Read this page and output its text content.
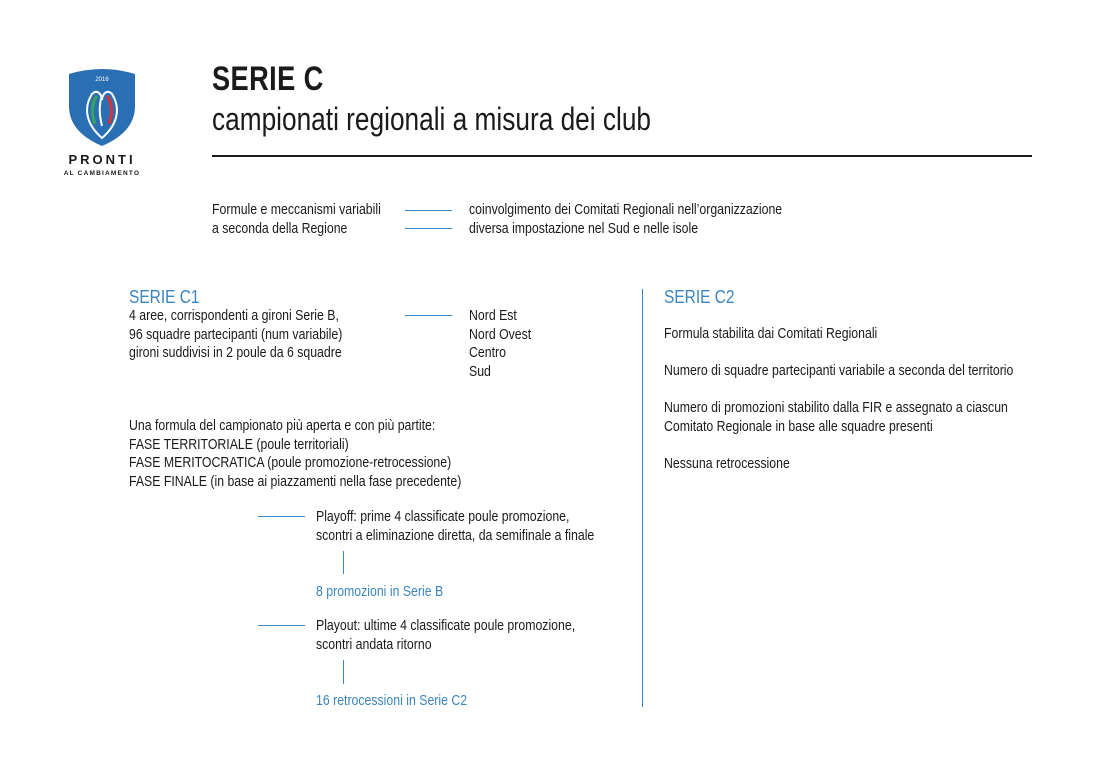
2016
PRONTI
AL CAMBIAMENTO
SERIE C
campionati regionali a misura dei club
Formule e meccanismi variabili
a seconda della Regione
coinvolgimento dei Comitati Regionali nell’organizzazione
diversa impostazione nel Sud e nelle isole
SERIE C1
4 aree, corrispondenti a gironi Serie B,
96 squadre partecipanti (num variabile)
gironi suddivisi in 2 poule da 6 squadre
Nord Est
Nord Ovest
Centro
Sud
Una formula del campionato più aperta e con più partite:
FASE TERRITORIALE (poule territoriali)
FASE MERITOCRATICA (poule promozione-retrocessione)
FASE FINALE (in base ai piazzamenti nella fase precedente)
Playoff: prime 4 classificate poule promozione,
scontri a eliminazione diretta, da semifinale a finale
8 promozioni in Serie B
Playout: ultime 4 classificate poule promozione,
scontri andata ritorno
16 retrocessioni in Serie C2
SERIE C2
Formula stabilita dai Comitati Regionali
Numero di squadre partecipanti variabile a seconda del territorio
Numero di promozioni stabilito dalla FIR e assegnato a ciascun
Comitato Regionale in base alle squadre presenti
Nessuna retrocessione
